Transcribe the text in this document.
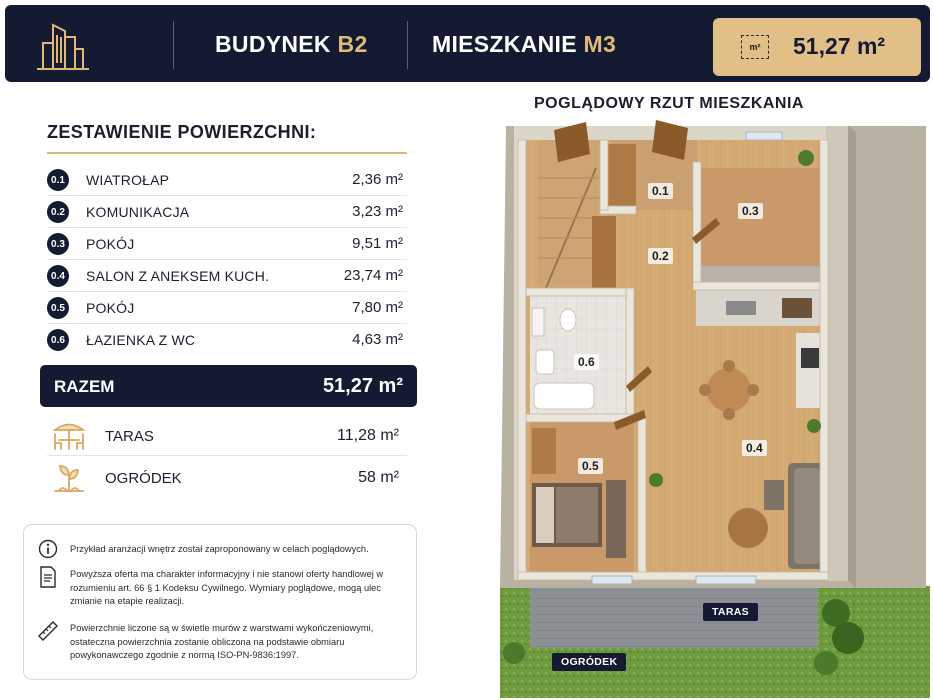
BUDYNEK B2	MIESZKANIE M3	m² 51,27 m²
ZESTAWIENIE POWIERZCHNI:
0.1 WIATROŁAP	2,36 m²
0.2 KOMUNIKACJA	3,23 m²
0.3 POKÓJ	9,51 m²
0.4 SALON Z ANEKSEM KUCH.	23,74 m²
0.5 POKÓJ	7,80 m²
0.6 ŁAZIENKA Z WC	4,63 m²
RAZEM	51,27 m²
TARAS	11,28 m²
OGRÓDEK	58 m²
Przykład aranżacji wnętrz został zaproponowany w celach poglądowych.
Powyższa oferta ma charakter informacyjny i nie stanowi oferty handlowej w rozumieniu art. 66 § 1 Kodeksu Cywilnego. Wymiary poglądowe, mogą ulec zmianie na etapie realizacji.
Powierzchnie liczone są w świetle murów z warstwami wykończeniowymi, ostateczna powierzchnia zostanie obliczona na podstawie obmiaru powykonawczego zgodnie z normą ISO-PN-9836:1997.
POGLĄDOWY RZUT MIESZKANIA
0.1
0.2
0.3
0.4
0.5
0.6
TARAS
OGRÓDEK
